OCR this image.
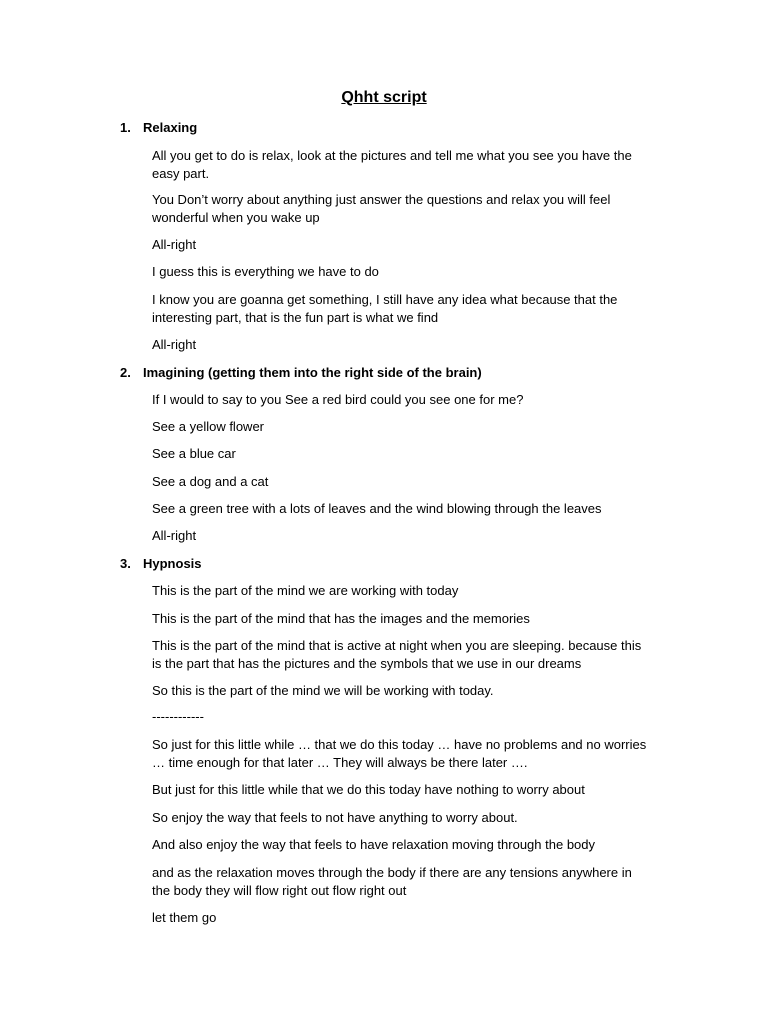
Qhht script
1. Relaxing
All you get to do is relax, look at the pictures and tell me what you see you have the easy part.
You Don’t worry about anything just answer the questions and relax you will feel wonderful when you wake up
All-right
I guess this is everything we have to do
I know you are goanna get something, I still have any idea what because that the interesting part, that is the fun part is what we find
All-right
2. Imagining (getting them into the right side of the brain)
If I would to say to you See a red bird could you see one for me?
See a yellow flower
See a blue car
See a dog and a cat
See a green tree with a lots of leaves and the wind blowing through the leaves
All-right
3. Hypnosis
This is the part of the mind we are working with today
This is the part of the mind that has the images and the memories
This is the part of the mind that is active at night when you are sleeping. because this is the part that has the pictures and the symbols that we use in our dreams
So this is the part of the mind we will be working with today.
------------
So just for this little while … that we do this today … have no problems and no worries … time enough for that later … They will always be there later ….
But just for this little while that we do this today have nothing to worry about
So enjoy the way that feels to not have anything to worry about.
And also enjoy the way that feels to have relaxation moving through the body
and as the relaxation moves through the body if there are any tensions anywhere in the body they will flow right out flow right out
let them go
